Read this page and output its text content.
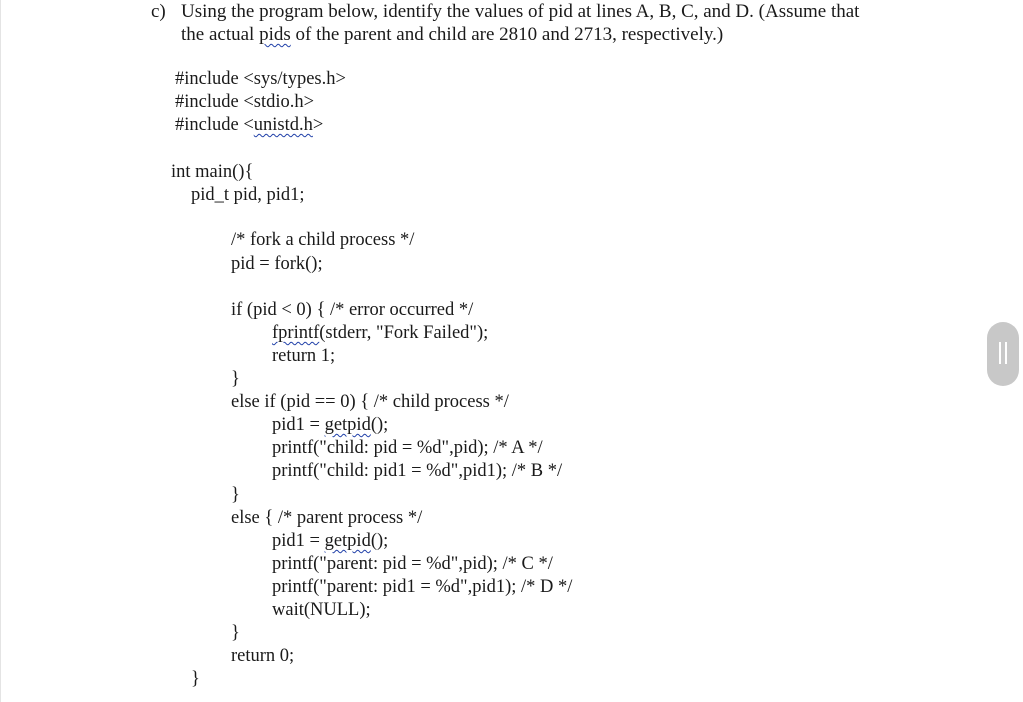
c) Using the program below, identify the values of pid at lines A, B, C, and D. (Assume that
the actual pids of the parent and child are 2810 and 2713, respectively.)
#include <sys/types.h>
#include <stdio.h>
#include <unistd.h>
int main(){
pid_t pid, pid1;
/* fork a child process */
pid = fork();
if (pid < 0) { /* error occurred */
fprintf(stderr, "Fork Failed");
return 1;
}
else if (pid == 0) { /* child process */
pid1 = getpid();
printf("child: pid = %d",pid); /* A */
printf("child: pid1 = %d",pid1); /* B */
}
else { /* parent process */
pid1 = getpid();
printf("parent: pid = %d",pid); /* C */
printf("parent: pid1 = %d",pid1); /* D */
wait(NULL);
}
return 0;
}
